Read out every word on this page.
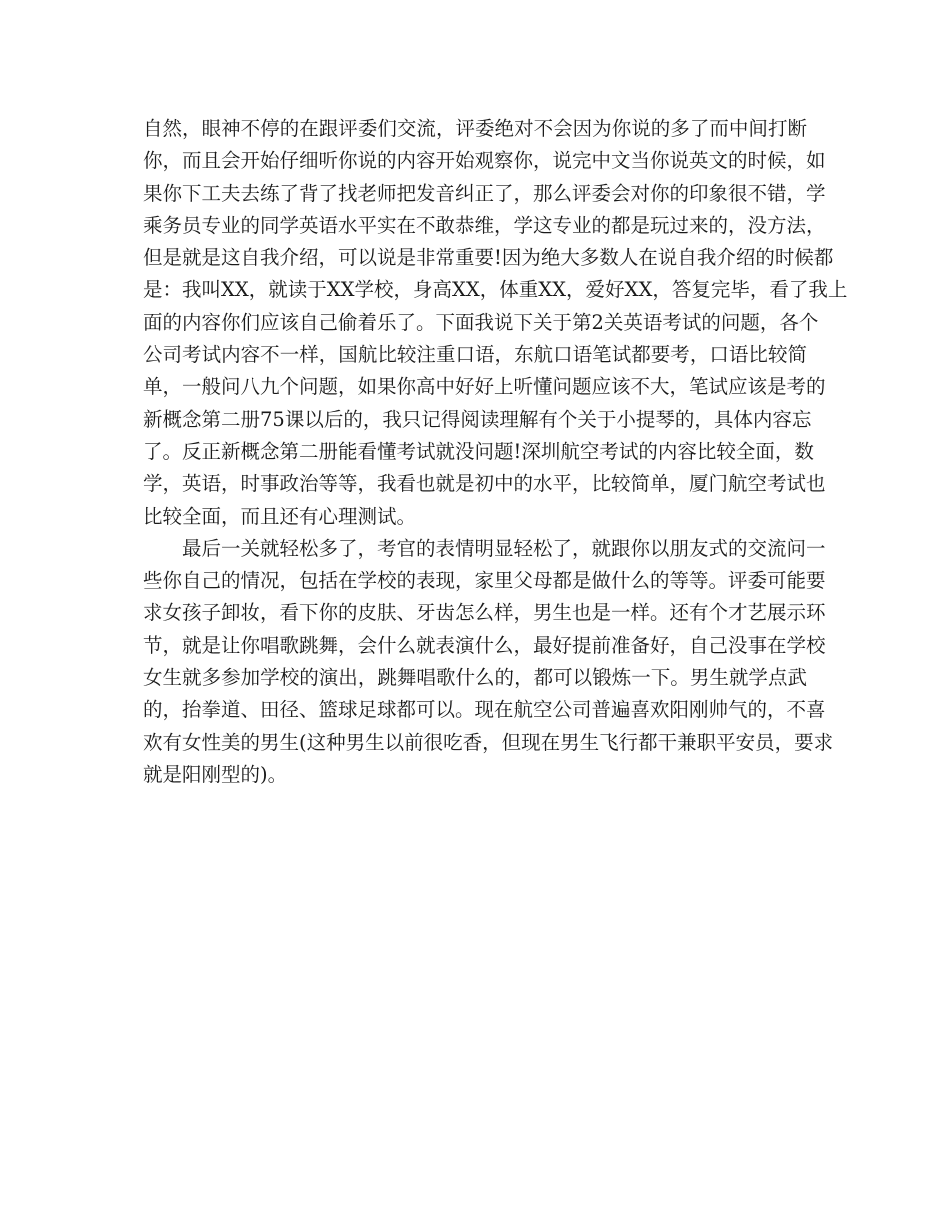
自然，眼神不停的在跟评委们交流，评委绝对不会因为你说的多了而中间打断
你，而且会开始仔细听你说的内容开始观察你，说完中文当你说英文的时候，如
果你下工夫去练了背了找老师把发音纠正了，那么评委会对你的印象很不错，学
乘务员专业的同学英语水平实在不敢恭维，学这专业的都是玩过来的，没方法，
但是就是这自我介绍，可以说是非常重要!因为绝大多数人在说自我介绍的时候都
是：我叫XX，就读于XX学校，身高XX，体重XX，爱好XX，答复完毕，看了我上
面的内容你们应该自己偷着乐了。下面我说下关于第2关英语考试的问题，各个
公司考试内容不一样，国航比较注重口语，东航口语笔试都要考，口语比较简
单，一般问八九个问题，如果你高中好好上听懂问题应该不大，笔试应该是考的
新概念第二册75课以后的，我只记得阅读理解有个关于小提琴的，具体内容忘
了。反正新概念第二册能看懂考试就没问题!深圳航空考试的内容比较全面，数
学，英语，时事政治等等，我看也就是初中的水平，比较简单，厦门航空考试也
比较全面，而且还有心理测试。
最后一关就轻松多了，考官的表情明显轻松了，就跟你以朋友式的交流问一
些你自己的情况，包括在学校的表现，家里父母都是做什么的等等。评委可能要
求女孩子卸妆，看下你的皮肤、牙齿怎么样，男生也是一样。还有个才艺展示环
节，就是让你唱歌跳舞，会什么就表演什么，最好提前准备好，自己没事在学校
女生就多参加学校的演出，跳舞唱歌什么的，都可以锻炼一下。男生就学点武
的，抬拳道、田径、篮球足球都可以。现在航空公司普遍喜欢阳刚帅气的，不喜
欢有女性美的男生(这种男生以前很吃香，但现在男生飞行都干兼职平安员，要求
就是阳刚型的)。
